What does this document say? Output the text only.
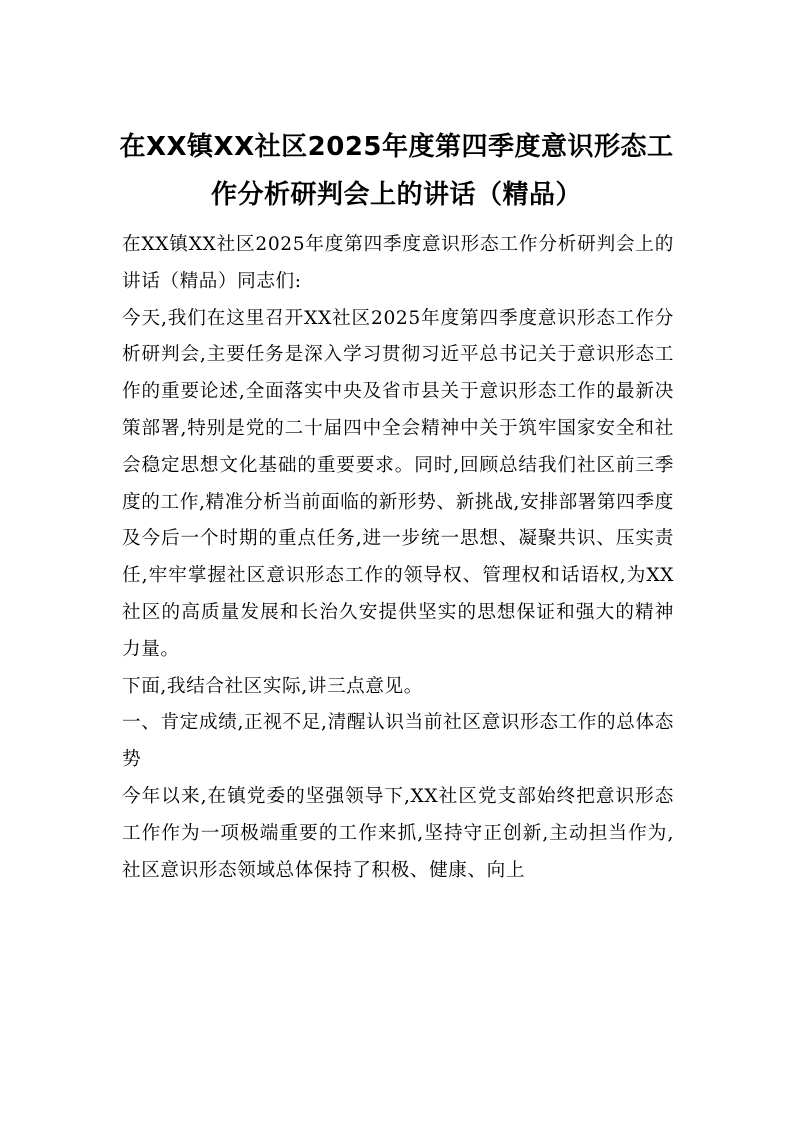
在XX镇XX社区2025年度第四季度意识形态工作分析研判会上的讲话（精品）

在XX镇XX社区2025年度第四季度意识形态工作分析研判会上的讲话（精品）同志们:

今天,我们在这里召开XX社区2025年度第四季度意识形态工作分析研判会,主要任务是深入学习贯彻习近平总书记关于意识形态工作的重要论述,全面落实中央及省市县关于意识形态工作的最新决策部署,特别是党的二十届四中全会精神中关于筑牢国家安全和社会稳定思想文化基础的重要要求。同时,回顾总结我们社区前三季度的工作,精准分析当前面临的新形势、新挑战,安排部署第四季度及今后一个时期的重点任务,进一步统一思想、凝聚共识、压实责任,牢牢掌握社区意识形态工作的领导权、管理权和话语权,为XX社区的高质量发展和长治久安提供坚实的思想保证和强大的精神力量。

下面,我结合社区实际,讲三点意见。

一、肯定成绩,正视不足,清醒认识当前社区意识形态工作的总体态势

今年以来,在镇党委的坚强领导下,XX社区党支部始终把意识形态工作作为一项极端重要的工作来抓,坚持守正创新,主动担当作为,社区意识形态领域总体保持了积极、健康、向上
